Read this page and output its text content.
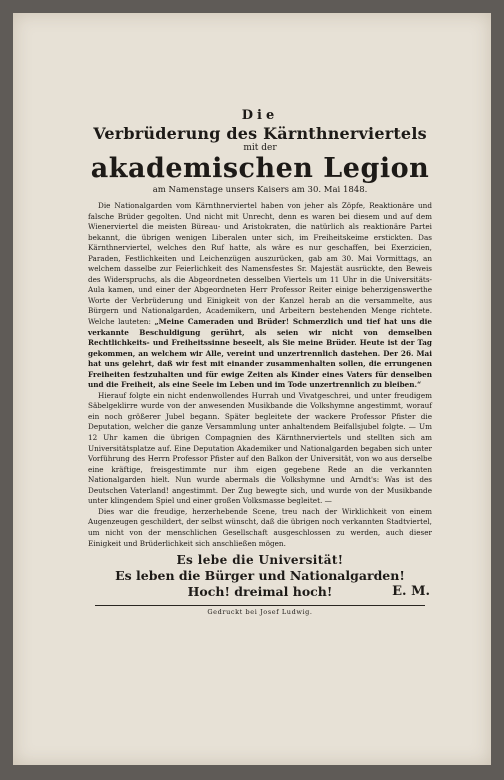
Die

Verbrüderung des Kärnthnerviertels

mit der

akademischen Legion

am Namenstage unsers Kaisers am 30. Mai 1848.

Die Nationalgarden vom Kärnthnerviertel haben von jeher als Zöpfe, Reaktionäre und falsche Brüder gegolten. Und nicht mit Unrecht, denn es waren bei diesem und auf dem Wienerviertel die meisten Büreau- und Aristokraten, die natürlich als reaktionäre Partei bekannt, die übrigen wenigen Liberalen unter sich, im Freiheitskeime erstickten. Das Kärnthnerviertel, welches den Ruf hatte, als wäre es nur geschaffen, bei Exerzicien, Paraden, Festlichkeiten und Leichenzügen auszurücken, gab am 30. Mai Vormittags, an welchem dasselbe zur Feierlichkeit des Namensfestes Sr. Majestät ausrückte, den Beweis des Widerspruchs, als die Abgeordneten desselben Viertels um 11 Uhr in die Universitäts-Aula kamen, und einer der Abgeordneten Herr Professor Reiter einige beherzigenswerthe Worte der Verbrüderung und Einigkeit von der Kanzel herab an die versammelte, aus Bürgern und Nationalgarden, Academikern, und Arbeitern bestehenden Menge richtete. Welche lauteten: „Meine Cameraden und Brüder! Schmerzlich und tief hat uns die verkannte Beschuldigung gerührt, als seien wir nicht von demselben Rechtlichkeits- und Freiheitssinne beseelt, als Sie meine Brüder. Heute ist der Tag gekommen, an welchem wir Alle, vereint und unzertrennlich dastehen. Der 26. Mai hat uns gelehrt, daß wir fest mit einander zusammenhalten sollen, die errungenen Freiheiten festzuhalten und für ewige Zeiten als Kinder eines Vaters für denselben und die Freiheit, als eine Seele im Leben und im Tode unzertrennlich zu bleiben.“

Hierauf folgte ein nicht endenwollendes Hurrah und Vivatgeschrei, und unter freudigem Säbelgeklirre wurde von der anwesenden Musikbande die Volkshymne angestimmt, worauf ein noch größerer Jubel begann. Später begleitete der wackere Professor Pfister die Deputation, welcher die ganze Versammlung unter anhaltendem Beifallsjubel folgte. — Um 12 Uhr kamen die übrigen Compagnien des Kärnthnerviertels und stellten sich am Universitätsplatze auf. Eine Deputation Akademiker und Nationalgarden begaben sich unter Vorführung des Herrn Professor Pfister auf den Balkon der Universität, von wo aus derselbe eine kräftige, freisgestimmte nur ihm eigen gegebene Rede an die verkannten Nationalgarden hielt. Nun wurde abermals die Volkshymne und Arndt's: Was ist des Deutschen Vaterland! angestimmt. Der Zug bewegte sich, und wurde von der Musikbande unter klingendem Spiel und einer großen Volksmasse begleitet. —

Dies war die freudige, herzerhebende Scene, treu nach der Wirklichkeit von einem Augenzeugen geschildert, der selbst wünscht, daß die übrigen noch verkannten Stadtviertel, um nicht von der menschlichen Gesellschaft ausgeschlossen zu werden, auch dieser Einigkeit und Brüderlichkeit sich anschließen mögen.

Es lebe die Universität!

Es leben die Bürger und Nationalgarden!

Hoch! dreimal hoch!	E. M.

Gedruckt bei Josef Ludwig.
